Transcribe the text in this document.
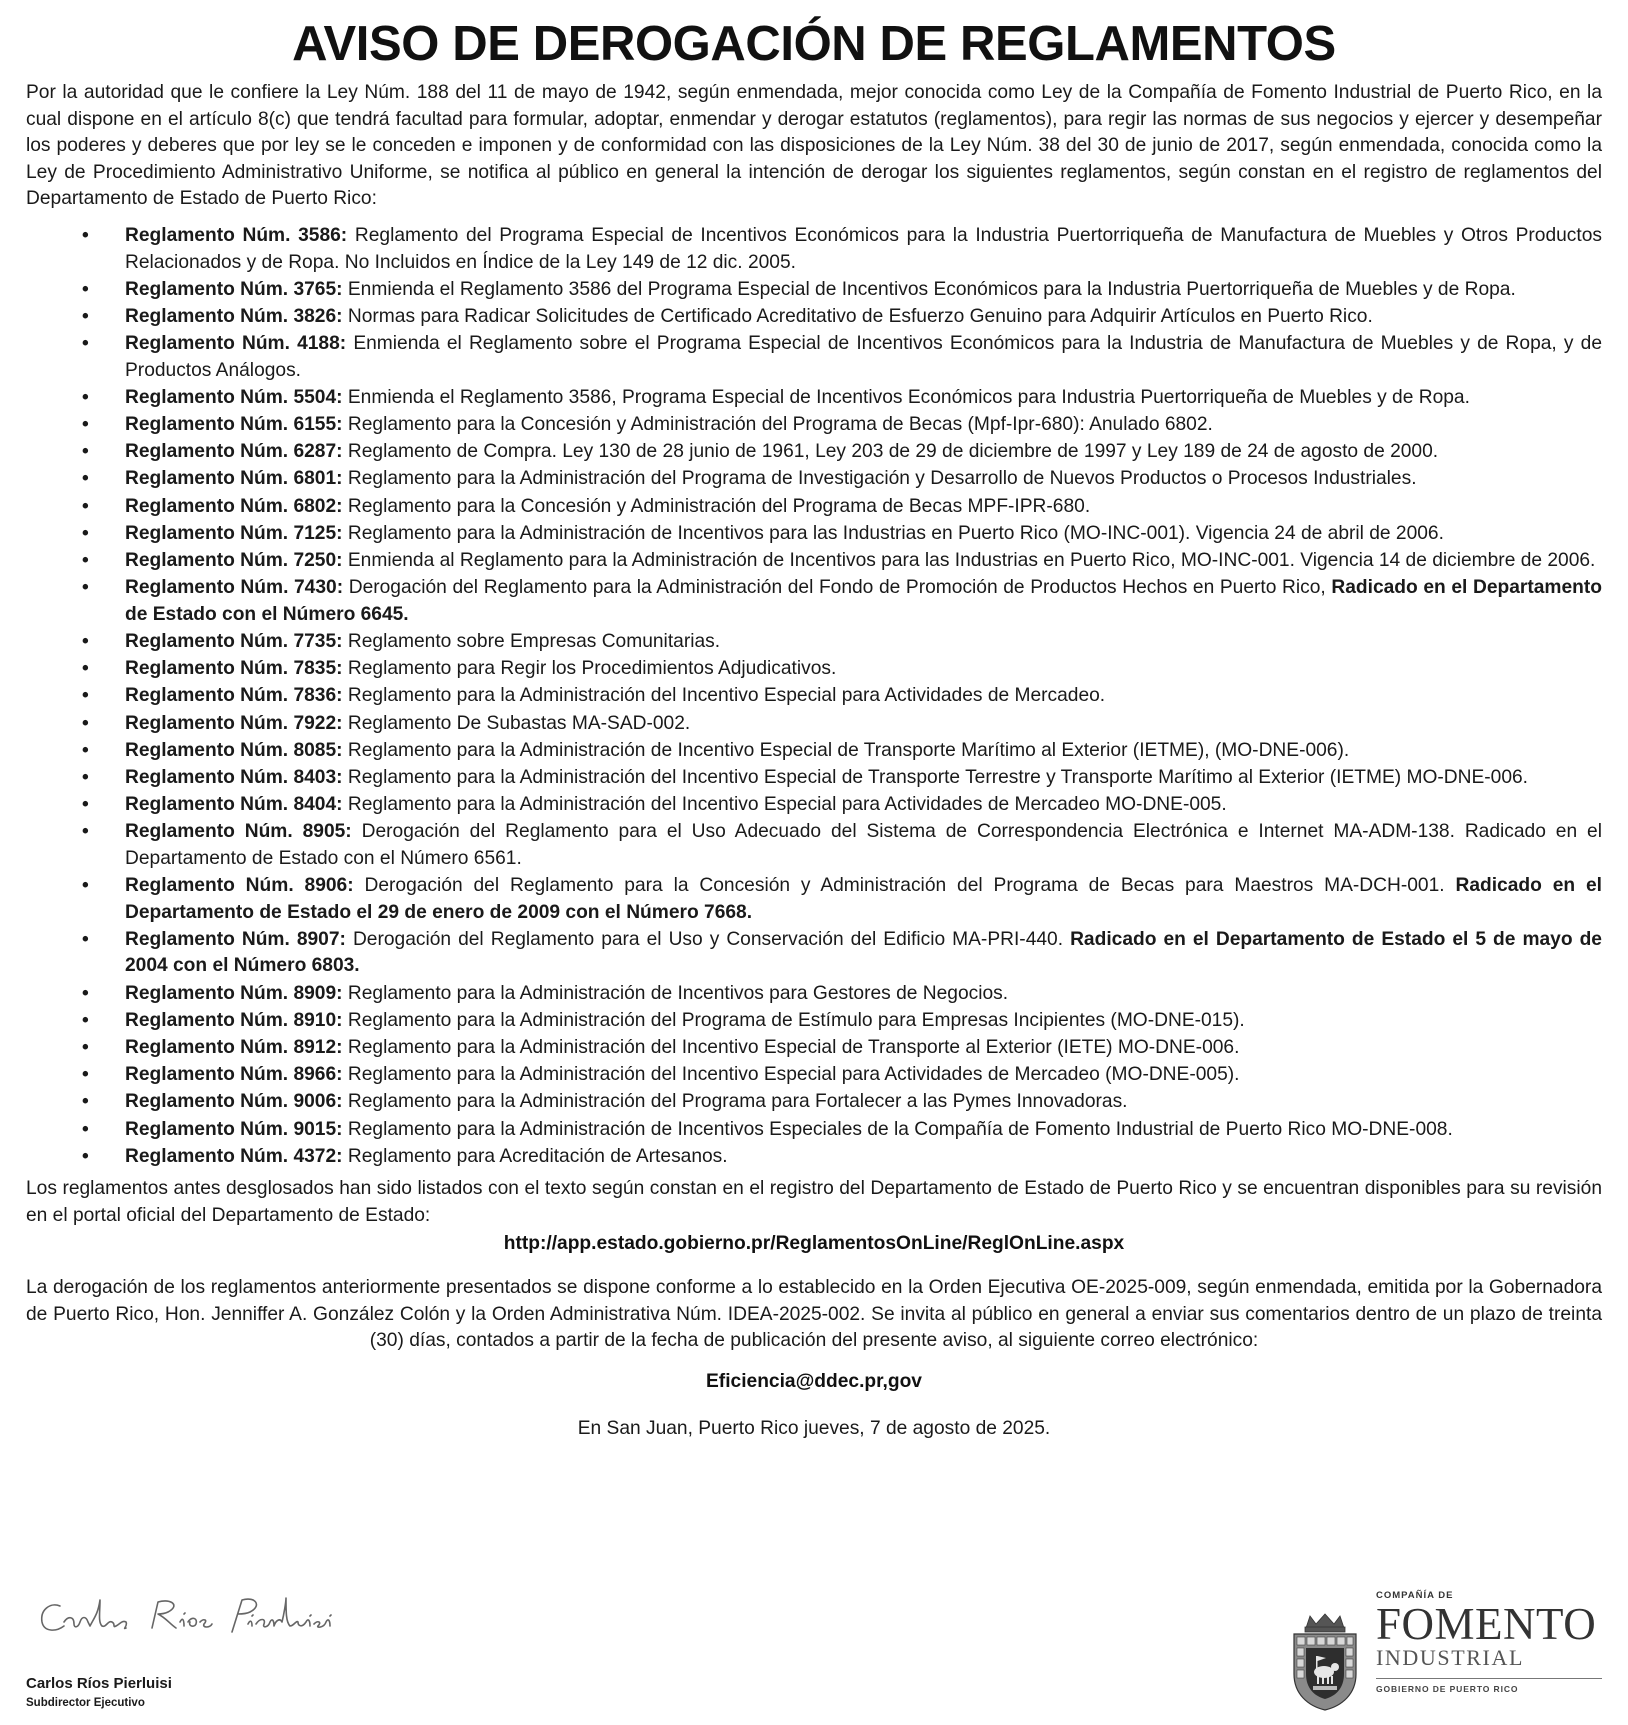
AVISO DE DEROGACIÓN DE REGLAMENTOS

Por la autoridad que le confiere la Ley Núm. 188 del 11 de mayo de 1942, según enmendada, mejor conocida como Ley de la Compañía de Fomento Industrial de Puerto Rico, en la cual dispone en el artículo 8(c) que tendrá facultad para formular, adoptar, enmendar y derogar estatutos (reglamentos), para regir las normas de sus negocios y ejercer y desempeñar los poderes y deberes que por ley se le conceden e imponen y de conformidad con las disposiciones de la Ley Núm. 38 del 30 de junio de 2017, según enmendada, conocida como la Ley de Procedimiento Administrativo Uniforme, se notifica al público en general la intención de derogar los siguientes reglamentos, según constan en el registro de reglamentos del Departamento de Estado de Puerto Rico:

•	Reglamento Núm. 3586: Reglamento del Programa Especial de Incentivos Económicos para la Industria Puertorriqueña de Manufactura de Muebles y Otros Productos Relacionados y de Ropa. No Incluidos en Índice de la Ley 149 de 12 dic. 2005.
•	Reglamento Núm. 3765: Enmienda el Reglamento 3586 del Programa Especial de Incentivos Económicos para la Industria Puertorriqueña de Muebles y de Ropa.
•	Reglamento Núm. 3826: Normas para Radicar Solicitudes de Certificado Acreditativo de Esfuerzo Genuino para Adquirir Artículos en Puerto Rico.
•	Reglamento Núm. 4188: Enmienda el Reglamento sobre el Programa Especial de Incentivos Económicos para la Industria de Manufactura de Muebles y de Ropa, y de Productos Análogos.
•	Reglamento Núm. 5504: Enmienda el Reglamento 3586, Programa Especial de Incentivos Económicos para Industria Puertorriqueña de Muebles y de Ropa.
•	Reglamento Núm. 6155: Reglamento para la Concesión y Administración del Programa de Becas (Mpf-Ipr-680): Anulado 6802.
•	Reglamento Núm. 6287: Reglamento de Compra. Ley 130 de 28 junio de 1961, Ley 203 de 29 de diciembre de 1997 y Ley 189 de 24 de agosto de 2000.
•	Reglamento Núm. 6801: Reglamento para la Administración del Programa de Investigación y Desarrollo de Nuevos Productos o Procesos Industriales.
•	Reglamento Núm. 6802: Reglamento para la Concesión y Administración del Programa de Becas MPF-IPR-680.
•	Reglamento Núm. 7125: Reglamento para la Administración de Incentivos para las Industrias en Puerto Rico (MO-INC-001). Vigencia 24 de abril de 2006.
•	Reglamento Núm. 7250: Enmienda al Reglamento para la Administración de Incentivos para las Industrias en Puerto Rico, MO-INC-001. Vigencia 14 de diciembre de 2006.
•	Reglamento Núm. 7430: Derogación del Reglamento para la Administración del Fondo de Promoción de Productos Hechos en Puerto Rico, Radicado en el Departamento de Estado con el Número 6645.
•	Reglamento Núm. 7735: Reglamento sobre Empresas Comunitarias.
•	Reglamento Núm. 7835: Reglamento para Regir los Procedimientos Adjudicativos.
•	Reglamento Núm. 7836: Reglamento para la Administración del Incentivo Especial para Actividades de Mercadeo.
•	Reglamento Núm. 7922: Reglamento De Subastas MA-SAD-002.
•	Reglamento Núm. 8085: Reglamento para la Administración de Incentivo Especial de Transporte Marítimo al Exterior (IETME), (MO-DNE-006).
•	Reglamento Núm. 8403: Reglamento para la Administración del Incentivo Especial de Transporte Terrestre y Transporte Marítimo al Exterior (IETME) MO-DNE-006.
•	Reglamento Núm. 8404: Reglamento para la Administración del Incentivo Especial para Actividades de Mercadeo MO-DNE-005.
•	Reglamento Núm. 8905: Derogación del Reglamento para el Uso Adecuado del Sistema de Correspondencia Electrónica e Internet MA-ADM-138. Radicado en el Departamento de Estado con el Número 6561.
•	Reglamento Núm. 8906: Derogación del Reglamento para la Concesión y Administración del Programa de Becas para Maestros MA-DCH-001. Radicado en el Departamento de Estado el 29 de enero de 2009 con el Número 7668.
•	Reglamento Núm. 8907: Derogación del Reglamento para el Uso y Conservación del Edificio MA-PRI-440. Radicado en el Departamento de Estado el 5 de mayo de 2004 con el Número 6803.
•	Reglamento Núm. 8909: Reglamento para la Administración de Incentivos para Gestores de Negocios.
•	Reglamento Núm. 8910: Reglamento para la Administración del Programa de Estímulo para Empresas Incipientes (MO-DNE-015).
•	Reglamento Núm. 8912: Reglamento para la Administración del Incentivo Especial de Transporte al Exterior (IETE) MO-DNE-006.
•	Reglamento Núm. 8966: Reglamento para la Administración del Incentivo Especial para Actividades de Mercadeo (MO-DNE-005).
•	Reglamento Núm. 9006: Reglamento para la Administración del Programa para Fortalecer a las Pymes Innovadoras.
•	Reglamento Núm. 9015: Reglamento para la Administración de Incentivos Especiales de la Compañía de Fomento Industrial de Puerto Rico MO-DNE-008.
•	Reglamento Núm. 4372: Reglamento para Acreditación de Artesanos.

Los reglamentos antes desglosados han sido listados con el texto según constan en el registro del Departamento de Estado de Puerto Rico y se encuentran disponibles para su revisión en el portal oficial del Departamento de Estado:

http://app.estado.gobierno.pr/ReglamentosOnLine/ReglOnLine.aspx

La derogación de los reglamentos anteriormente presentados se dispone conforme a lo establecido en la Orden Ejecutiva OE-2025-009, según enmendada, emitida por la Gobernadora de Puerto Rico, Hon. Jenniffer A. González Colón y la Orden Administrativa Núm. IDEA-2025-002. Se invita al público en general a enviar sus comentarios dentro de un plazo de treinta (30) días, contados a partir de la fecha de publicación del presente aviso, al siguiente correo electrónico:

Eficiencia@ddec.pr,gov

En San Juan, Puerto Rico jueves, 7 de agosto de 2025.

Carlos Ríos Pierluisi

Subdirector Ejecutivo

COMPAÑÍA DE
FOMENTO
INDUSTRIAL
GOBIERNO DE PUERTO RICO
